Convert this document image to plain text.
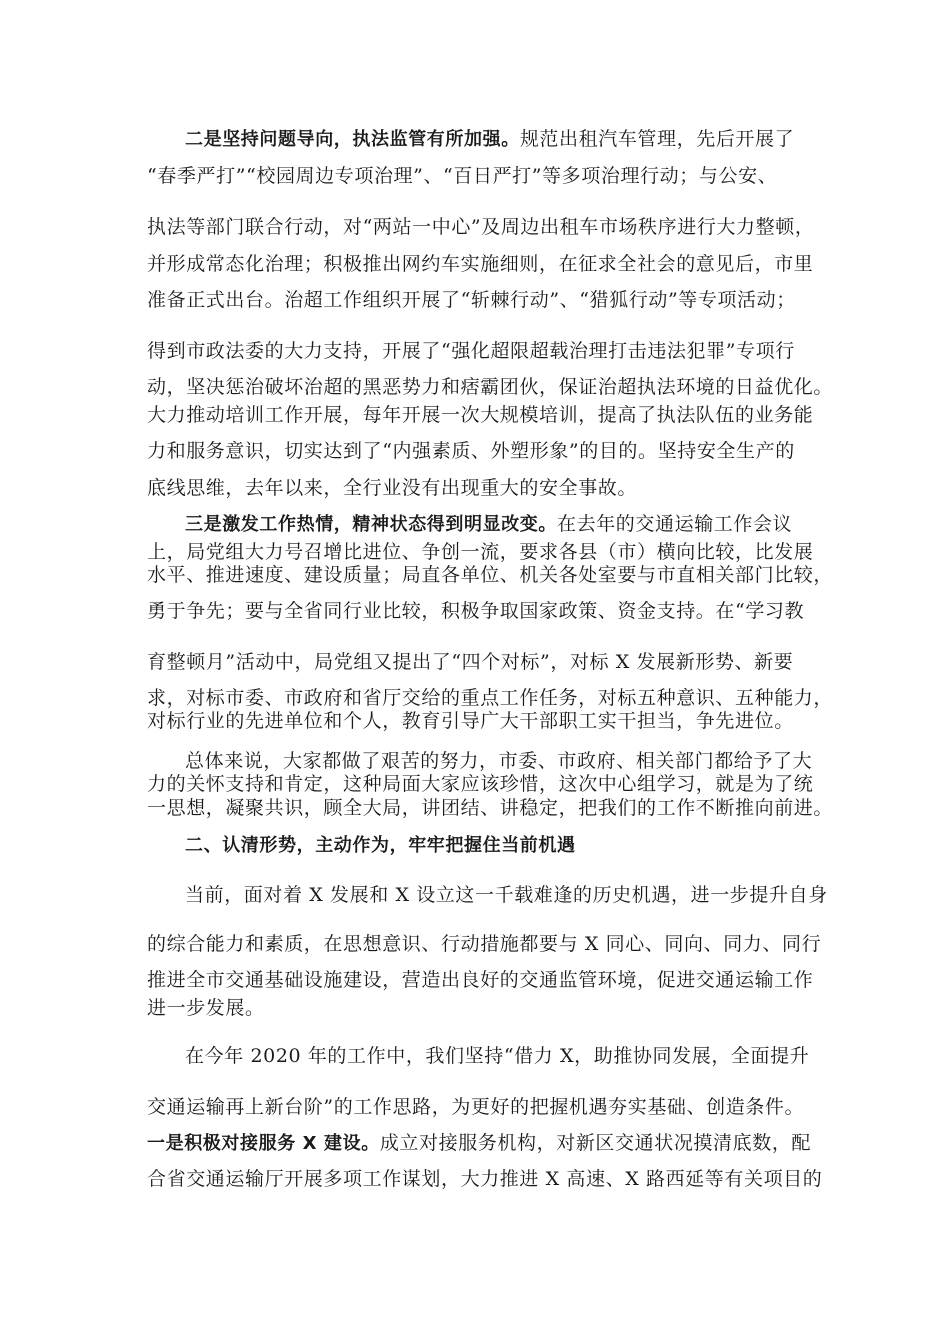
二是坚持问题导向，执法监管有所加强。规范出租汽车管理，先后开展了
“春季严打”“校园周边专项治理”、“百日严打”等多项治理行动；与公安、
执法等部门联合行动，对“两站一中心”及周边出租车市场秩序进行大力整顿，
并形成常态化治理；积极推出网约车实施细则，在征求全社会的意见后，市里
准备正式出台。治超工作组织开展了“斩棘行动”、“猎狐行动”等专项活动；
得到市政法委的大力支持，开展了“强化超限超载治理打击违法犯罪”专项行
动，坚决惩治破坏治超的黑恶势力和痞霸团伙，保证治超执法环境的日益优化。
大力推动培训工作开展，每年开展一次大规模培训，提高了执法队伍的业务能
力和服务意识，切实达到了“内强素质、外塑形象”的目的。坚持安全生产的
底线思维，去年以来，全行业没有出现重大的安全事故。
三是激发工作热情，精神状态得到明显改变。在去年的交通运输工作会议
上，局党组大力号召增比进位、争创一流，要求各县（市）横向比较，比发展
水平、推进速度、建设质量；局直各单位、机关各处室要与市直相关部门比较，
勇于争先；要与全省同行业比较，积极争取国家政策、资金支持。在“学习教
育整顿月”活动中，局党组又提出了“四个对标”，对标 X 发展新形势、新要
求，对标市委、市政府和省厅交给的重点工作任务，对标五种意识、五种能力，
对标行业的先进单位和个人，教育引导广大干部职工实干担当，争先进位。
总体来说，大家都做了艰苦的努力，市委、市政府、相关部门都给予了大
力的关怀支持和肯定，这种局面大家应该珍惜，这次中心组学习，就是为了统
一思想，凝聚共识，顾全大局，讲团结、讲稳定，把我们的工作不断推向前进。
二、认清形势，主动作为，牢牢把握住当前机遇
当前，面对着 X 发展和 X 设立这一千载难逢的历史机遇，进一步提升自身
的综合能力和素质，在思想意识、行动措施都要与 X 同心、同向、同力、同行
推进全市交通基础设施建设，营造出良好的交通监管环境，促进交通运输工作
进一步发展。
在今年 2020 年的工作中，我们坚持“借力 X，助推协同发展，全面提升
交通运输再上新台阶”的工作思路，为更好的把握机遇夯实基础、创造条件。
一是积极对接服务 X 建设。成立对接服务机构，对新区交通状况摸清底数，配
合省交通运输厅开展多项工作谋划，大力推进 X 高速、X 路西延等有关项目的
